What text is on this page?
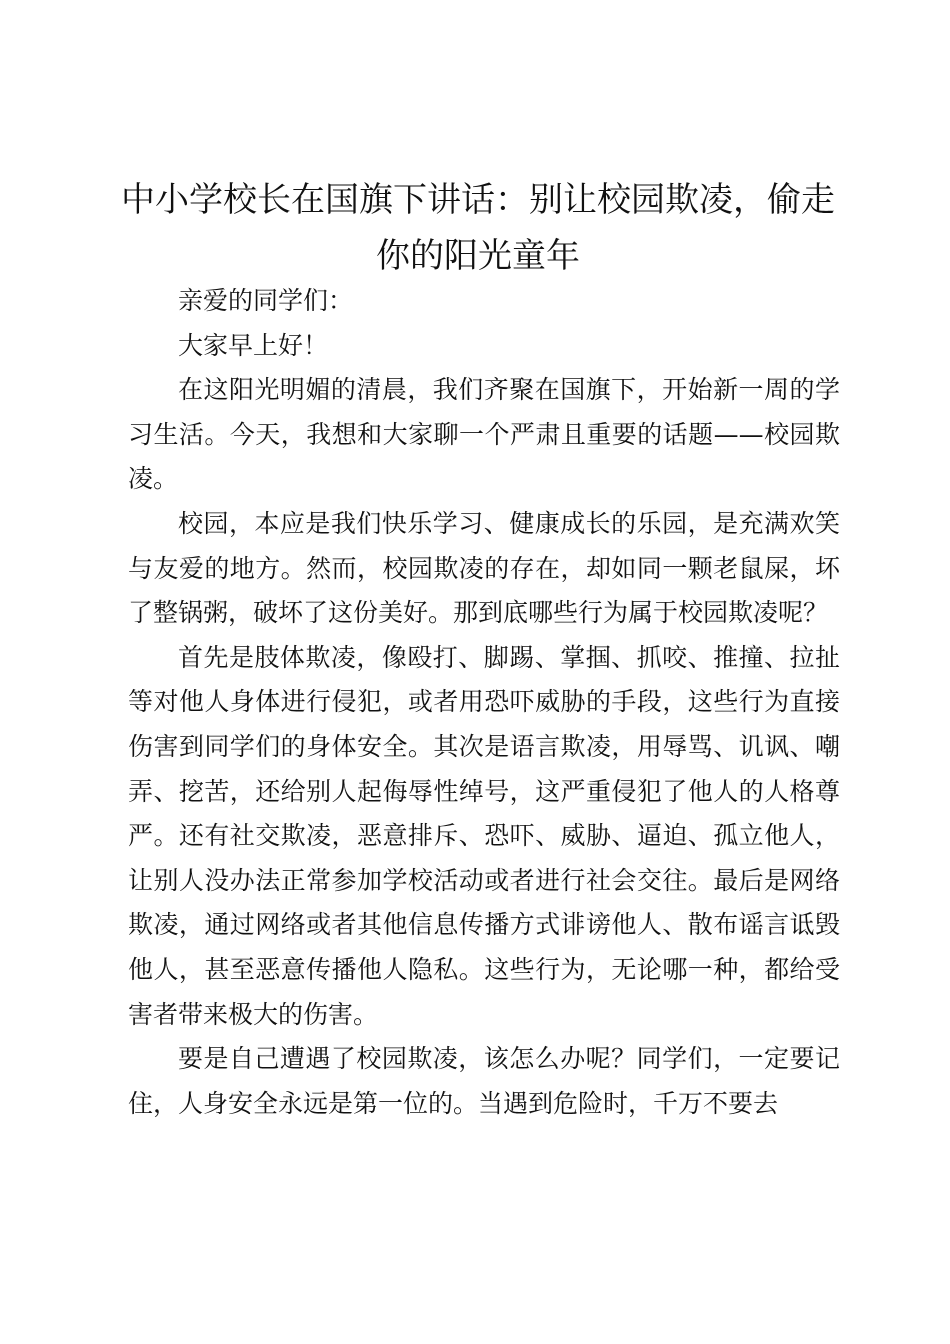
中小学校长在国旗下讲话：别让校园欺凌，偷走你的阳光童年

亲爱的同学们：

大家早上好！

在这阳光明媚的清晨，我们齐聚在国旗下，开始新一周的学习生活。今天，我想和大家聊一个严肃且重要的话题——校园欺凌。

校园，本应是我们快乐学习、健康成长的乐园，是充满欢笑与友爱的地方。然而，校园欺凌的存在，却如同一颗老鼠屎，坏了整锅粥，破坏了这份美好。那到底哪些行为属于校园欺凌呢？

首先是肢体欺凌，像殴打、脚踢、掌掴、抓咬、推撞、拉扯等对他人身体进行侵犯，或者用恐吓威胁的手段，这些行为直接伤害到同学们的身体安全。其次是语言欺凌，用辱骂、讥讽、嘲弄、挖苦，还给别人起侮辱性绰号，这严重侵犯了他人的人格尊严。还有社交欺凌，恶意排斥、恐吓、威胁、逼迫、孤立他人，让别人没办法正常参加学校活动或者进行社会交往。最后是网络欺凌，通过网络或者其他信息传播方式诽谤他人、散布谣言诋毁他人，甚至恶意传播他人隐私。这些行为，无论哪一种，都给受害者带来极大的伤害。

要是自己遭遇了校园欺凌，该怎么办呢？同学们，一定要记住，人身安全永远是第一位的。当遇到危险时，千万不要去
